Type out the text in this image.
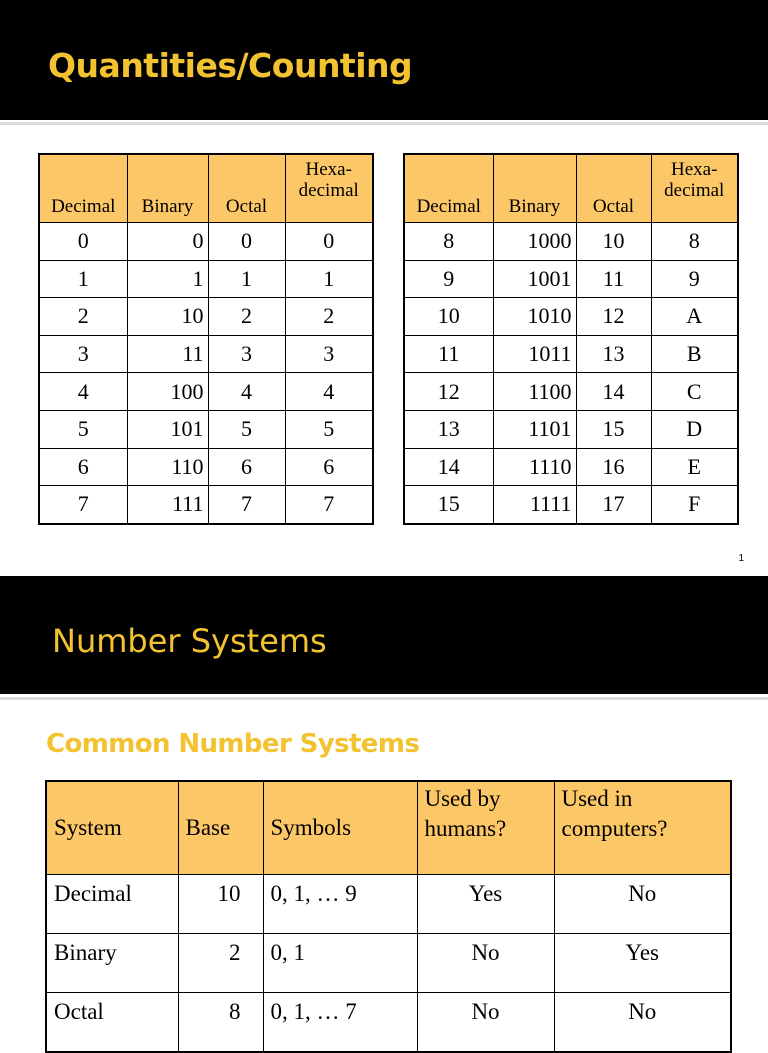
Quantities/Counting
Decimal	Binary	Octal	Hexa-
decimal
0	0	0	0
1	1	1	1
2	10	2	2
3	11	3	3
4	100	4	4
5	101	5	5
6	110	6	6
7	111	7	7
Decimal	Binary	Octal	Hexa-
decimal
8	1000	10	8
9	1001	11	9
10	1010	12	A
11	1011	13	B
12	1100	14	C
13	1101	15	D
14	1110	16	E
15	1111	17	F
1
Number Systems
Common Number Systems
System	Base	Symbols	Used by humans?	Used in computers?
Decimal	10	0, 1, … 9	Yes	No
Binary	2	0, 1	No	Yes
Octal	8	0, 1, … 7	No	No
